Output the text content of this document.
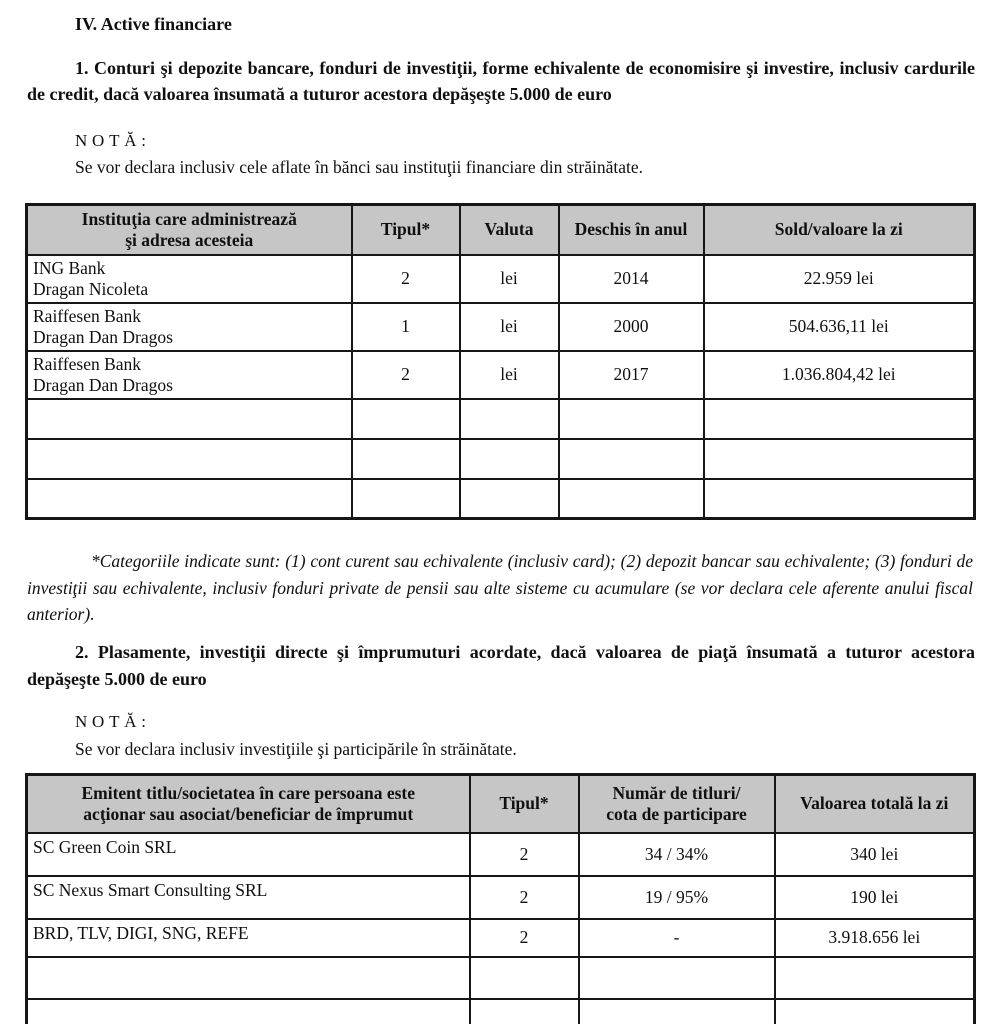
IV. Active financiare
1. Conturi şi depozite bancare, fonduri de investiţii, forme echivalente de economisire şi investire, inclusiv cardurile de credit, dacă valoarea însumată a tuturor acestora depăşeşte 5.000 de euro
NOTĂ:
Se vor declara inclusiv cele aflate în bănci sau instituţii financiare din străinătate.
Instituţia care administrează
şi adresa acesteia	Tipul*	Valuta	Deschis în anul	Sold/valoare la zi

ING Bank
Dragan Nicoleta	2	lei	2014	22.959 lei

Raiffesen Bank
Dragan Dan Dragos	1	lei	2000	504.636,11 lei

Raiffesen Bank
Dragan Dan Dragos	2	lei	2017	1.036.804,42 lei

*Categoriile indicate sunt: (1) cont curent sau echivalente (inclusiv card); (2) depozit bancar sau echivalente; (3) fonduri de investiţii sau echivalente, inclusiv fonduri private de pensii sau alte sisteme cu acumulare (se vor declara cele aferente anului fiscal anterior).
2. Plasamente, investiţii directe şi împrumuturi acordate, dacă valoarea de piaţă însumată a tuturor acestora depăşeşte 5.000 de euro
NOTĂ:
Se vor declara inclusiv investiţiile şi participările în străinătate.
Emitent titlu/societatea în care persoana este
acţionar sau asociat/beneficiar de împrumut	Tipul*	Număr de titluri/
cota de participare	Valoarea totală la zi
SC Green Coin SRL	2	34 / 34%	340 lei
SC Nexus Smart Consulting SRL	2	19 / 95%	190 lei
BRD, TLV, DIGI, SNG, REFE	2	-	3.918.656 lei
